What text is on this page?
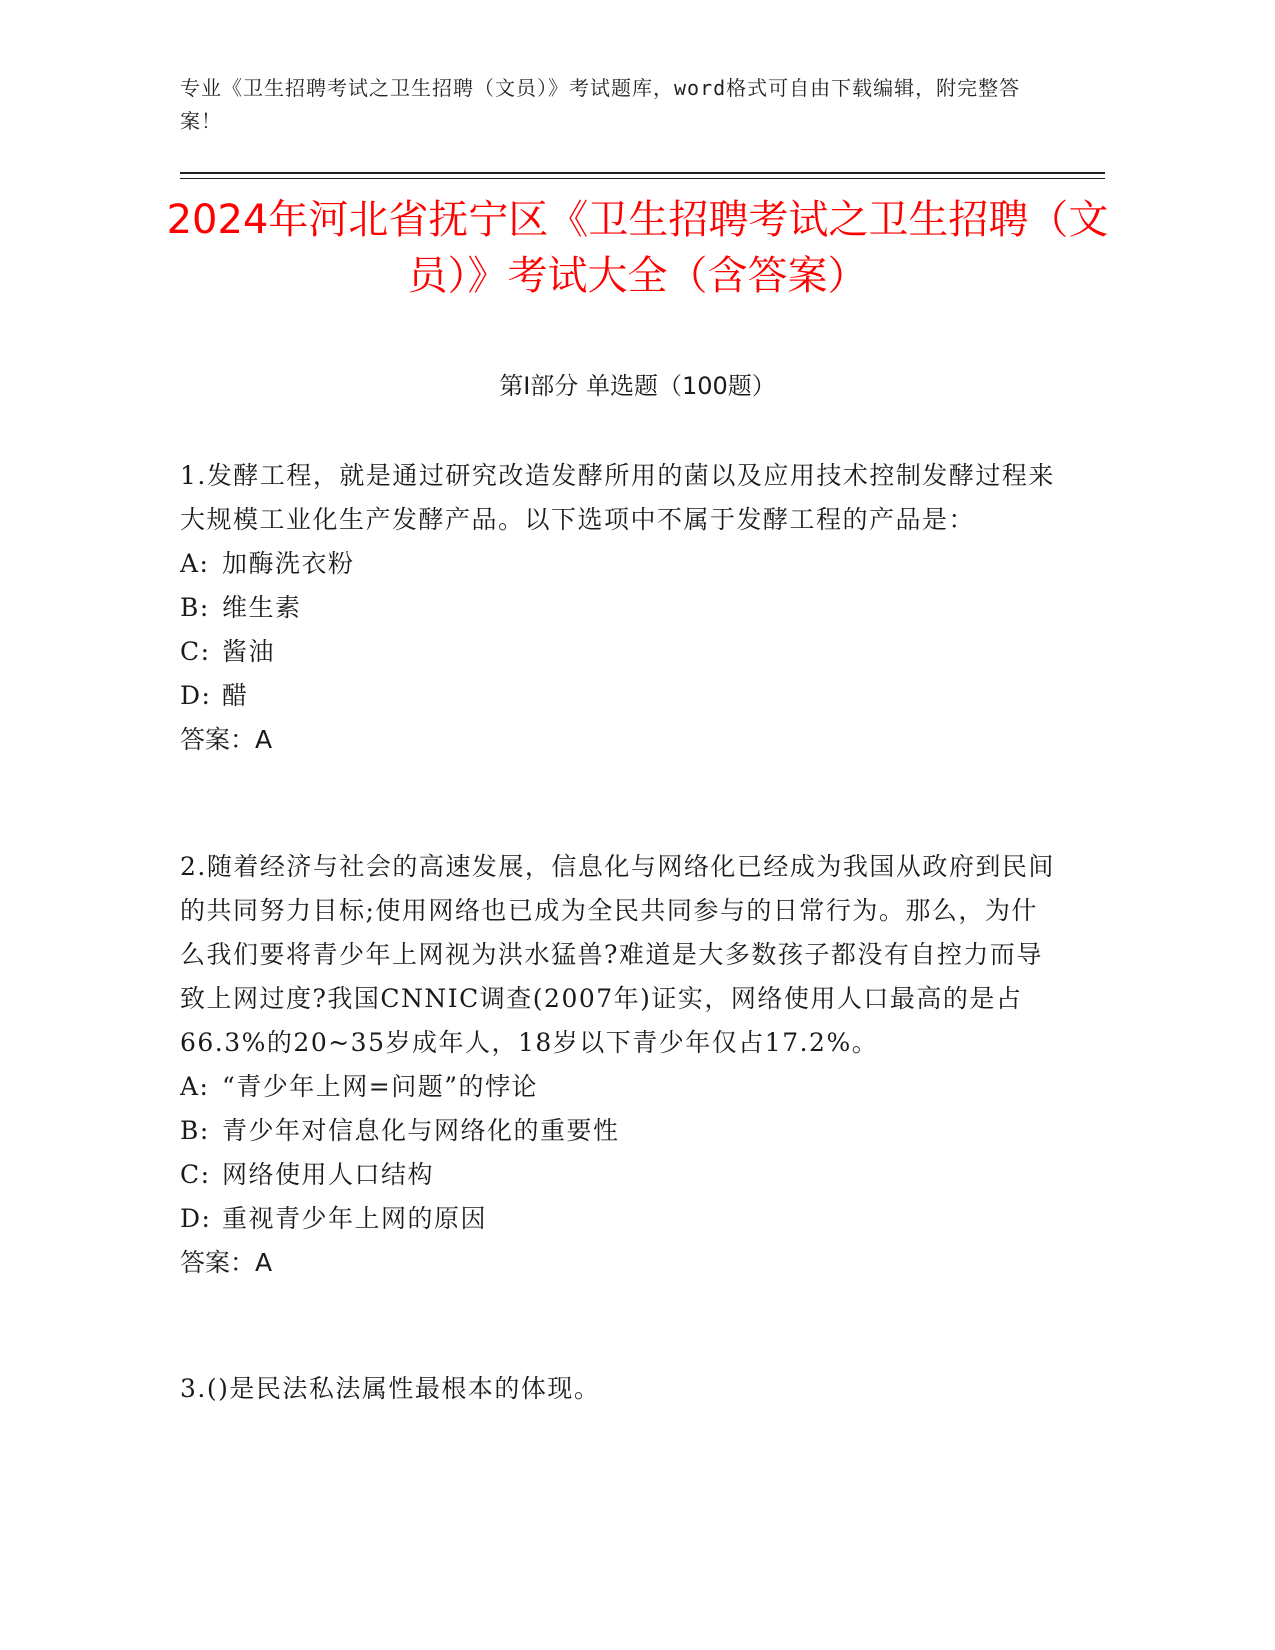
专业《卫生招聘考试之卫生招聘（文员）》考试题库，word格式可自由下载编辑，附完整答案！
2024年河北省抚宁区《卫生招聘考试之卫生招聘（文员）》考试大全（含答案）
第Ⅰ部分 单选题（100题）

1.发酵工程，就是通过研究改造发酵所用的菌以及应用技术控制发酵过程来大规模工业化生产发酵产品。以下选项中不属于发酵工程的产品是：

A: 加酶洗衣粉

B: 维生素

C: 酱油

D: 醋

答案：A

2.随着经济与社会的高速发展，信息化与网络化已经成为我国从政府到民间的共同努力目标;使用网络也已成为全民共同参与的日常行为。那么，为什么我们要将青少年上网视为洪水猛兽?难道是大多数孩子都没有自控力而导致上网过度?我国CNNIC调查(2007年)证实，网络使用人口最高的是占66.3%的20~35岁成年人，18岁以下青少年仅占17.2%。

A: “青少年上网=问题”的悖论

B: 青少年对信息化与网络化的重要性

C: 网络使用人口结构

D: 重视青少年上网的原因

答案：A

3.()是民法私法属性最根本的体现。
